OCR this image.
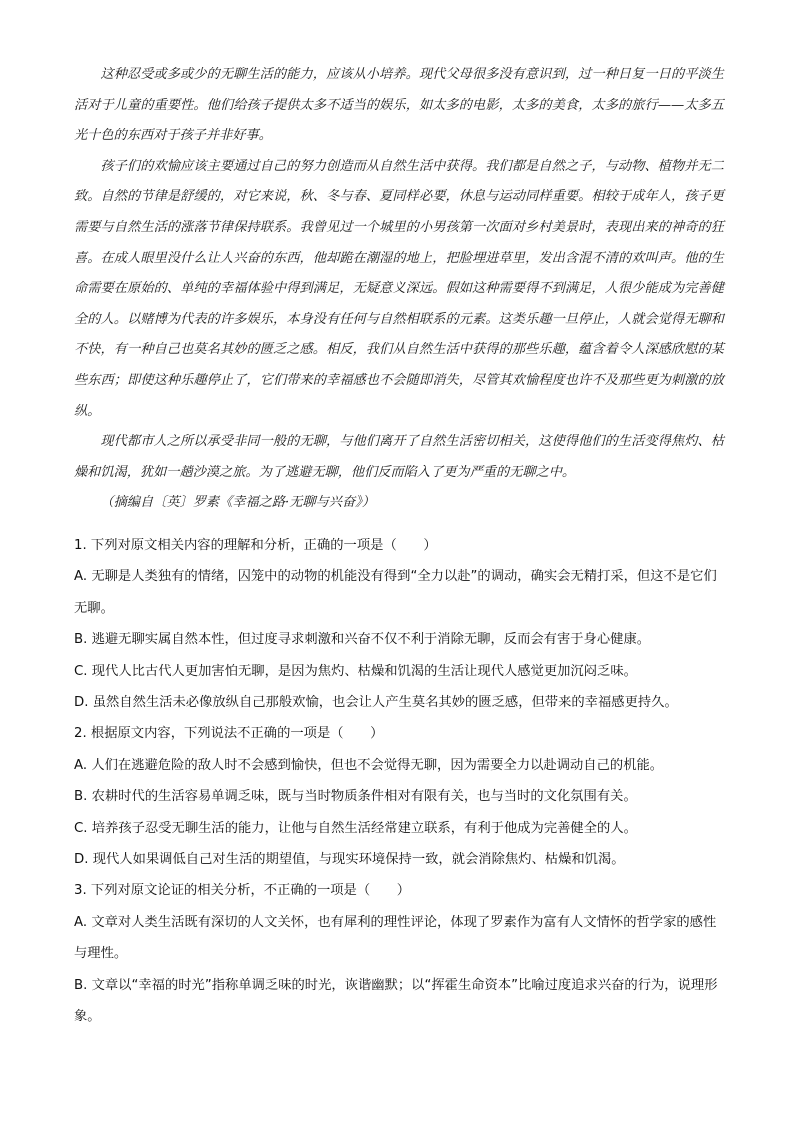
这种忍受或多或少的无聊生活的能力，应该从小培养。现代父母很多没有意识到，过一种日复一日的平淡生活对于儿童的重要性。他们给孩子提供太多不适当的娱乐，如太多的电影，太多的美食，太多的旅行——太多五光十色的东西对于孩子并非好事。

孩子们的欢愉应该主要通过自己的努力创造而从自然生活中获得。我们都是自然之子，与动物、植物并无二致。自然的节律是舒缓的，对它来说，秋、冬与春、夏同样必要，休息与运动同样重要。相较于成年人，孩子更需要与自然生活的涨落节律保持联系。我曾见过一个城里的小男孩第一次面对乡村美景时，表现出来的神奇的狂喜。在成人眼里没什么让人兴奋的东西，他却跪在潮湿的地上，把脸埋进草里，发出含混不清的欢叫声。他的生命需要在原始的、单纯的幸福体验中得到满足，无疑意义深远。假如这种需要得不到满足，人很少能成为完善健全的人。以赌博为代表的许多娱乐，本身没有任何与自然相联系的元素。这类乐趣一旦停止，人就会觉得无聊和不快，有一种自己也莫名其妙的匮乏之感。相反，我们从自然生活中获得的那些乐趣，蕴含着令人深感欣慰的某些东西；即使这种乐趣停止了，它们带来的幸福感也不会随即消失，尽管其欢愉程度也许不及那些更为刺激的放纵。

现代都市人之所以承受非同一般的无聊，与他们离开了自然生活密切相关，这使得他们的生活变得焦灼、枯燥和饥渴，犹如一趟沙漠之旅。为了逃避无聊，他们反而陷入了更为严重的无聊之中。

（摘编自〔英〕罗素《幸福之路·无聊与兴奋》）

1. 下列对原文相关内容的理解和分析，正确的一项是（　　）

A. 无聊是人类独有的情绪，囚笼中的动物的机能没有得到“全力以赴”的调动，确实会无精打采，但这不是它们无聊。

B. 逃避无聊实属自然本性，但过度寻求刺激和兴奋不仅不利于消除无聊，反而会有害于身心健康。

C. 现代人比古代人更加害怕无聊，是因为焦灼、枯燥和饥渴的生活让现代人感觉更加沉闷乏味。

D. 虽然自然生活未必像放纵自己那般欢愉，也会让人产生莫名其妙的匮乏感，但带来的幸福感更持久。

2. 根据原文内容，下列说法不正确的一项是（　　）

A. 人们在逃避危险的敌人时不会感到愉快，但也不会觉得无聊，因为需要全力以赴调动自己的机能。

B. 农耕时代的生活容易单调乏味，既与当时物质条件相对有限有关，也与当时的文化氛围有关。

C. 培养孩子忍受无聊生活的能力，让他与自然生活经常建立联系，有利于他成为完善健全的人。

D. 现代人如果调低自己对生活的期望值，与现实环境保持一致，就会消除焦灼、枯燥和饥渴。

3. 下列对原文论证的相关分析，不正确的一项是（　　）

A. 文章对人类生活既有深切的人文关怀，也有犀利的理性评论，体现了罗素作为富有人文情怀的哲学家的感性与理性。

B. 文章以“幸福的时光”指称单调乏味的时光，诙谐幽默；以“挥霍生命资本”比喻过度追求兴奋的行为，说理形象。
